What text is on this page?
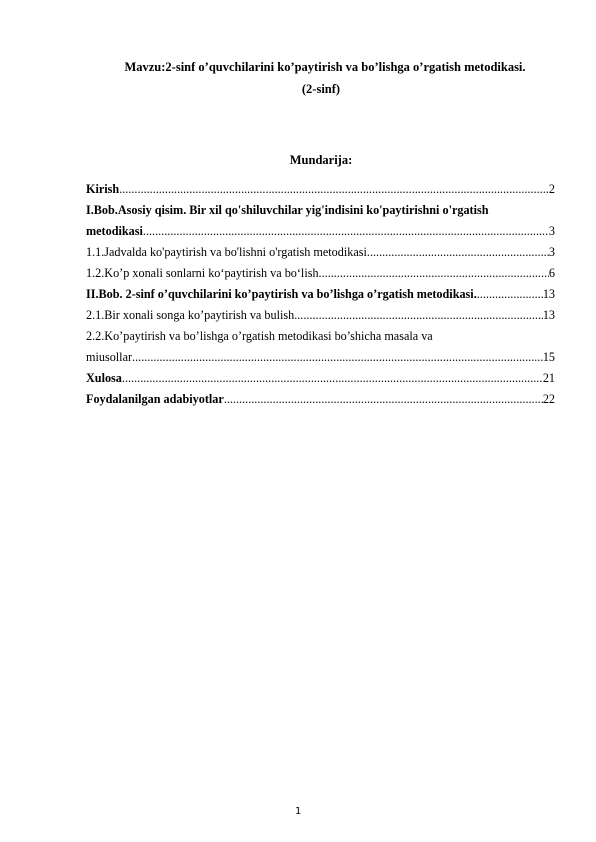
Mavzu:2-sinf o’quvchilarini ko’paytirish va bo’lishga o’rgatish metodikasi.
(2-sinf)
Mundarija:
Kirish .....	2
I.Bob.Asosiy qisim. Bir xil qo'shiluvchilar yig'indisini ko'paytirishni o'rgatish
metodikasi .....	3
1.1.Jadvalda ko'paytirish va bo'lishni o'rgatish metodikasi .....	3
1.2.Ko’p xonali sonlarni ko‘paytirish va bo‘lish .....	6
II.Bob. 2-sinf o’quvchilarini ko’paytirish va bo’lishga o’rgatish metodikasi. .....	13
2.1.Bir xonali songa ko’paytirish va bulish .....	13
2.2.Ko’paytirish va bo’lishga o’rgatish metodikasi bo’shicha masala va
miusollar .....	15
Xulosa .....	21
Foydalanilgan adabiyotlar .....	22
1
